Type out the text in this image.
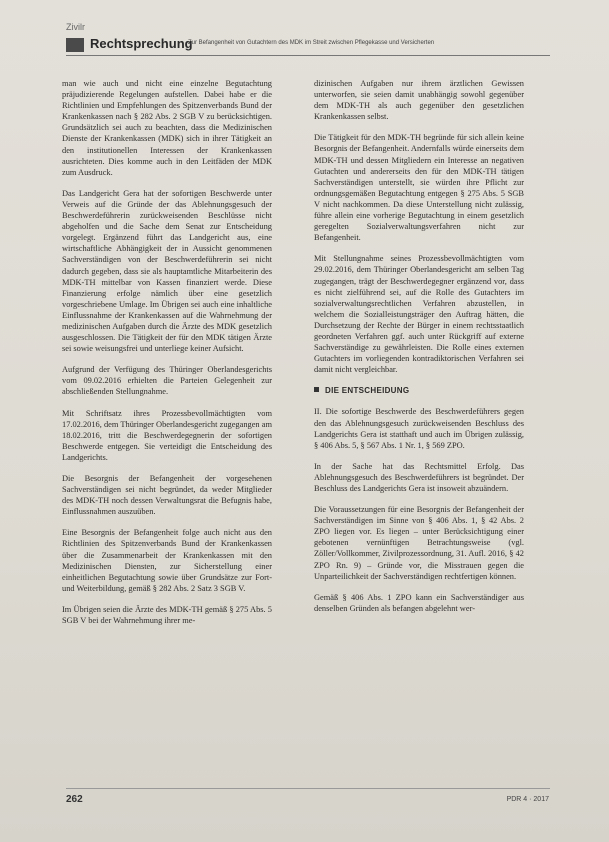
Zivilr
Rechtsprechung
Zur Befangenheit von Gutachtern des MDK im Streit zwischen Pflegekasse und Versicherten

man wie auch und nicht eine einzelne Begutachtung präjudizierende Regelungen aufstellen. Dabei habe er die Richtlinien und Empfehlungen des Spitzenverbands Bund der Krankenkassen nach § 282 Abs. 2 SGB V zu berücksichtigen. Grundsätzlich sei auch zu beachten, dass die Medizinischen Dienste der Krankenkassen (MDK) sich in ihrer Tätigkeit an den institutionellen Interessen der Krankenkassen ausrichteten. Dies komme auch in den Leitfäden der MDK zum Ausdruck.

Das Landgericht Gera hat der sofortigen Beschwerde unter Verweis auf die Gründe der das Ablehnungsgesuch der Beschwerdeführerin zurückweisenden Beschlüsse nicht abgeholfen und die Sache dem Senat zur Entscheidung vorgelegt. Ergänzend führt das Landgericht aus, eine wirtschaftliche Abhängigkeit der in Aussicht genommenen Sachverständigen von der Beschwerdeführerin sei nicht dadurch gegeben, dass sie als hauptamtliche Mitarbeiterin des MDK-TH mittelbar von Kassen finanziert werde. Diese Finanzierung erfolge nämlich über eine gesetzlich vorgeschriebene Umlage. Im Übrigen sei auch eine inhaltliche Einflussnahme der Krankenkassen auf die Wahrnehmung der medizinischen Aufgaben durch die Ärzte des MDK gesetzlich ausgeschlossen. Die Tätigkeit der für den MDK tätigen Ärzte sei sowie weisungsfrei und unterliege keiner Aufsicht.

Aufgrund der Verfügung des Thüringer Oberlandesgerichts vom 09.02.2016 erhielten die Parteien Gelegenheit zur abschließenden Stellungnahme.

Mit Schriftsatz ihres Prozessbevollmächtigten vom 17.02.2016, dem Thüringer Oberlandesgericht zugegangen am 18.02.2016, tritt die Beschwerdegegnerin der sofortigen Beschwerde entgegen. Sie verteidigt die Entscheidung des Landgerichts.

Die Besorgnis der Befangenheit der vorgesehenen Sachverständigen sei nicht begründet, da weder Mitglieder des MDK-TH noch dessen Verwaltungsrat die Befugnis habe, Einflussnahmen auszuüben.

Eine Besorgnis der Befangenheit folge auch nicht aus den Richtlinien des Spitzenverbands Bund der Krankenkassen über die Zusammenarbeit der Krankenkassen mit den Medizinischen Diensten, zur Sicherstellung einer einheitlichen Begutachtung sowie über Grundsätze zur Fort- und Weiterbildung, gemäß § 282 Abs. 2 Satz 3 SGB V.

Im Übrigen seien die Ärzte des MDK-TH gemäß § 275 Abs. 5 SGB V bei der Wahrnehmung ihrer me-

dizinischen Aufgaben nur ihrem ärztlichen Gewissen unterworfen, sie seien damit unabhängig sowohl gegenüber dem MDK-TH als auch gegenüber den gesetzlichen Krankenkassen selbst.

Die Tätigkeit für den MDK-TH begründe für sich allein keine Besorgnis der Befangenheit. Andernfalls würde einerseits dem MDK-TH und dessen Mitgliedern ein Interesse an negativen Gutachten und andererseits den für den MDK-TH tätigen Sachverständigen unterstellt, sie würden ihre Pflicht zur ordnungsgemäßen Begutachtung entgegen § 275 Abs. 5 SGB V nicht nachkommen. Da diese Unterstellung nicht zulässig, führe allein eine vorherige Begutachtung in einem gesetzlich geregelten Sozialverwaltungsverfahren nicht zur Befangenheit.

Mit Stellungnahme seines Prozessbevollmächtigten vom 29.02.2016, dem Thüringer Oberlandesgericht am selben Tag zugegangen, trägt der Beschwerdegegner ergänzend vor, dass es nicht zielführend sei, auf die Rolle des Gutachters im sozialverwaltungsrechtlichen Verfahren abzustellen, in welchem die Sozialleistungsträger den Auftrag hätten, die Durchsetzung der Rechte der Bürger in einem rechtsstaatlich geordneten Verfahren ggf. auch unter Rückgriff auf externe Sachverständige zu gewährleisten. Die Rolle eines externen Gutachters im vorliegenden kontradiktorischen Verfahren sei damit nicht vergleichbar.

DIE ENTSCHEIDUNG

II. Die sofortige Beschwerde des Beschwerdeführers gegen den das Ablehnungsgesuch zurückweisenden Beschluss des Landgerichts Gera ist statthaft und auch im Übrigen zulässig, § 406 Abs. 5, § 567 Abs. 1 Nr. 1, § 569 ZPO.

In der Sache hat das Rechtsmittel Erfolg. Das Ablehnungsgesuch des Beschwerdeführers ist begründet. Der Beschluss des Landgerichts Gera ist insoweit abzuändern.

Die Voraussetzungen für eine Besorgnis der Befangenheit der Sachverständigen im Sinne von § 406 Abs. 1, § 42 Abs. 2 ZPO liegen vor. Es liegen – unter Berücksichtigung einer gebotenen vernünftigen Betrachtungsweise (vgl. Zöller/Vollkommer, Zivilprozessordnung, 31. Aufl. 2016, § 42 ZPO Rn. 9) – Gründe vor, die Misstrauen gegen die Unparteilichkeit der Sachverständigen rechtfertigen können.

Gemäß § 406 Abs. 1 ZPO kann ein Sachverständiger aus denselben Gründen als befangen abgelehnt wer-

262	PDR 4 · 2017
